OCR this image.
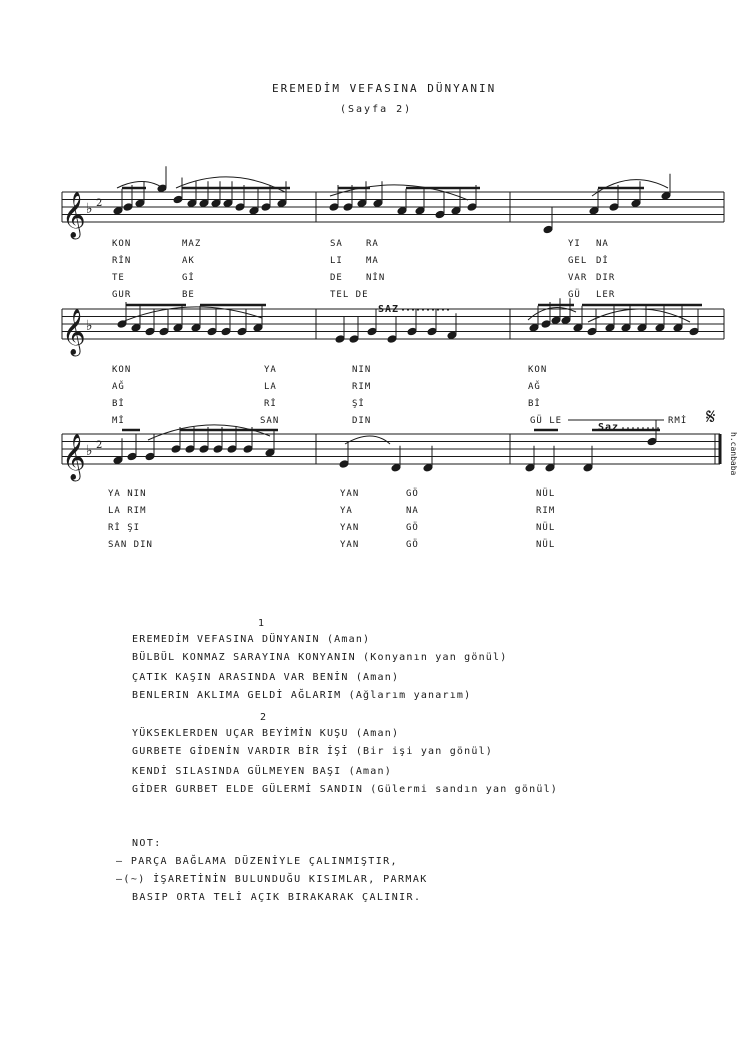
EREMEDİM VEFASINA DÜNYANIN
(Sayfa 2)
𝄞 ♭ 2
𝄞 ♭
𝄞 ♭ 2
SAZ
Saz	𝄋
KON	MAZ	SA	RA	YI NA
RİN	AK	LI	MA	GEL Dİ
TE	Gİ	DE	NİN	VAR DIR
GUR	BE	TEL DE	GÜ LER
KON	YA	NIN	KON
AĞ	LA	RIM	AĞ
Bİ	Rİ	Şİ	Bİ
Mİ	SAN	DIN	GÜ LE	RMİ
YA NIN	YAN	GÖ	NÜL
LA RIM	YA	NA	RIM
Rİ ŞI	YAN	GÖ	NÜL
SAN DIN	YAN	GÖ	NÜL
h.canbaba
1
EREMEDİM VEFASINA DÜNYANIN (Aman)
BÜLBÜL KONMAZ SARAYINA KONYANIN (Konyanın yan gönül)
ÇATIK KAŞIN ARASINDA VAR BENİN (Aman)
BENLERIN AKLIMA GELDİ AĞLARIM (Ağlarım yanarım)
2
YÜKSEKLERDEN UÇAR BEYİMİN KUŞU (Aman)
GURBETE GİDENİN VARDIR BİR İŞİ (Bir işi yan gönül)
KENDİ SILASINDA GÜLMEYEN BAŞI (Aman)
GİDER GURBET ELDE GÜLERMİ SANDIN (Gülermi sandın yan gönül)
NOT:
— PARÇA BAĞLAMA DÜZENİYLE ÇALINMIŞTIR,
—(~) İŞARETİNİN BULUNDUĞU KISIMLAR, PARMAK
BASIP ORTA TELİ AÇIK BIRAKARAK ÇALINIR.
